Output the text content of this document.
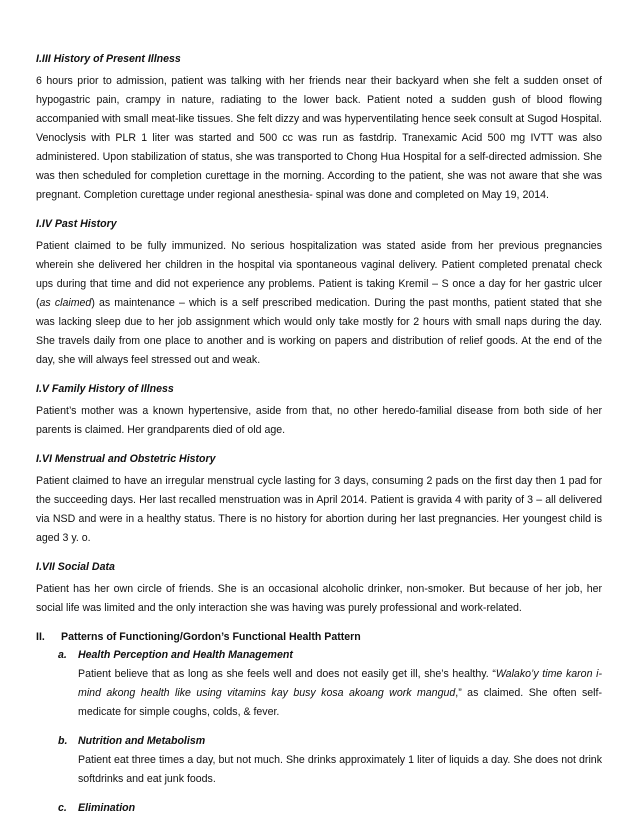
I.III History of Present Illness

6 hours prior to admission, patient was talking with her friends near their backyard when she felt a sudden onset of hypogastric pain, crampy in nature, radiating to the lower back. Patient noted a sudden gush of blood flowing accompanied with small meat-like tissues. She felt dizzy and was hyperventilating hence seek consult at Sugod Hospital. Venoclysis with PLR 1 liter was started and 500 cc was run as fastdrip. Tranexamic Acid 500 mg IVTT was also administered. Upon stabilization of status, she was transported to Chong Hua Hospital for a self-directed admission. She was then scheduled for completion curettage in the morning. According to the patient, she was not aware that she was pregnant. Completion curettage under regional anesthesia- spinal was done and completed on May 19, 2014.

I.IV Past History

Patient claimed to be fully immunized. No serious hospitalization was stated aside from her previous pregnancies wherein she delivered her children in the hospital via spontaneous vaginal delivery. Patient completed prenatal check ups during that time and did not experience any problems. Patient is taking Kremil – S once a day for her gastric ulcer (as claimed) as maintenance – which is a self prescribed medication. During the past months, patient stated that she was lacking sleep due to her job assignment which would only take mostly for 2 hours with small naps during the day. She travels daily from one place to another and is working on papers and distribution of relief goods. At the end of the day, she will always feel stressed out and weak.

I.V Family History of Illness

Patient’s mother was a known hypertensive, aside from that, no other heredo-familial disease from both side of her parents is claimed. Her grandparents died of old age.

I.VI Menstrual and Obstetric History

Patient claimed to have an irregular menstrual cycle lasting for 3 days, consuming 2 pads on the first day then 1 pad for the succeeding days. Her last recalled menstruation was in April 2014. Patient is gravida 4 with parity of 3 – all delivered via NSD and were in a healthy status. There is no history for abortion during her last pregnancies. Her youngest child is aged 3 y. o.

I.VII Social Data

Patient has her own circle of friends. She is an occasional alcoholic drinker, non-smoker. But because of her job, her social life was limited and the only interaction she was having was purely professional and work-related.

II.	Patterns of Functioning/Gordon’s Functional Health Pattern
a.	Health Perception and Health Management

Patient believe that as long as she feels well and does not easily get ill, she’s healthy. “Walako’y time karon i-mind akong health like using vitamins kay busy kosa akoang work mangud,” as claimed. She often self-medicate for simple coughs, colds, & fever.

b. Nutrition and Metabolism

Patient eat three times a day, but not much. She drinks approximately 1 liter of liquids a day. She does not drink softdrinks and eat junk foods.

c.	Elimination
